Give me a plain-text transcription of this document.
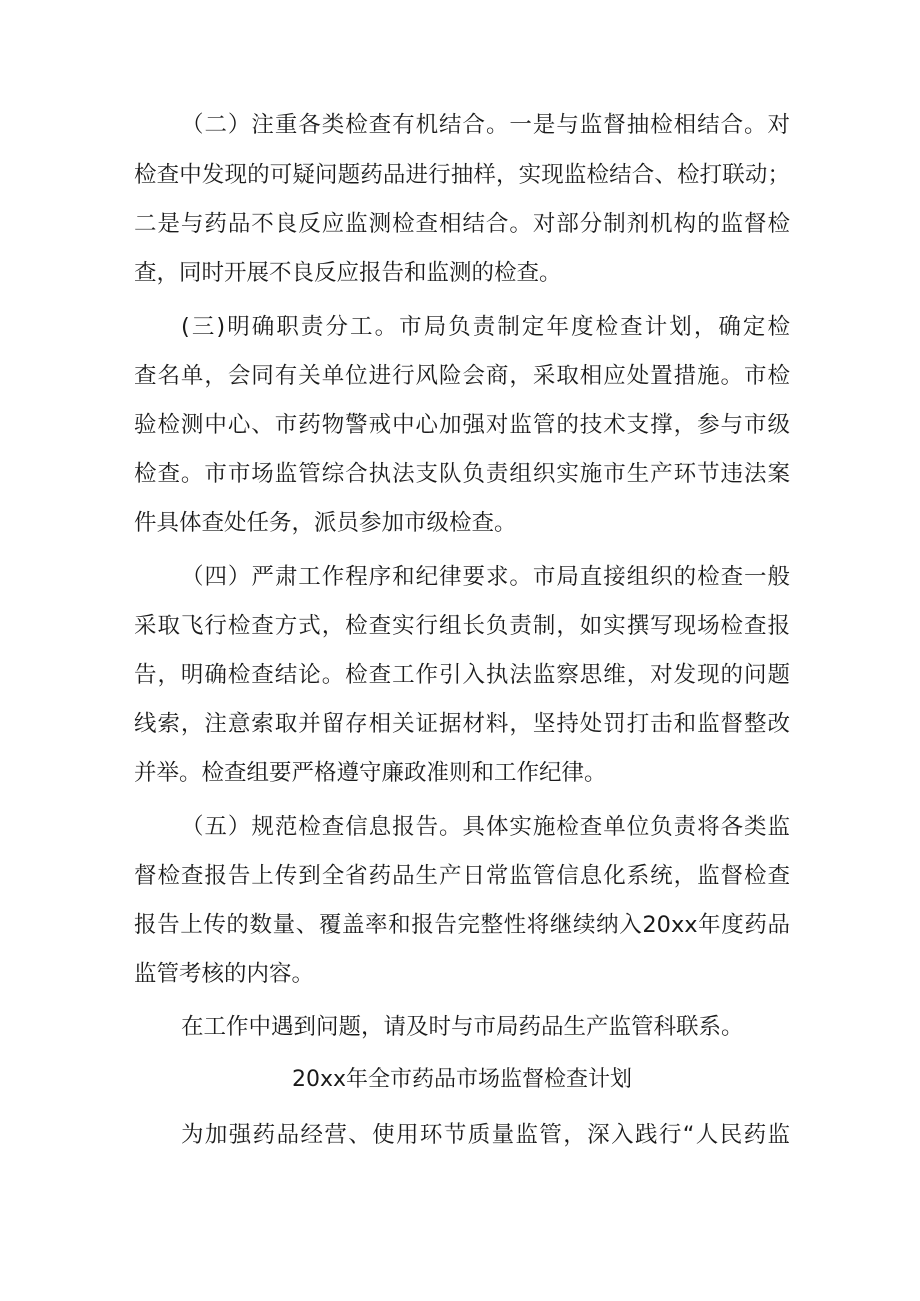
（二）注重各类检查有机结合。一是与监督抽检相结合。对
检查中发现的可疑问题药品进行抽样，实现监检结合、检打联动；
二是与药品不良反应监测检查相结合。对部分制剂机构的监督检
查，同时开展不良反应报告和监测的检查。
(三)明确职责分工。市局负责制定年度检查计划，确定检
查名单，会同有关单位进行风险会商，采取相应处置措施。市检
验检测中心、市药物警戒中心加强对监管的技术支撑，参与市级
检查。市市场监管综合执法支队负责组织实施市生产环节违法案
件具体查处任务，派员参加市级检查。
（四）严肃工作程序和纪律要求。市局直接组织的检查一般
采取飞行检查方式，检查实行组长负责制，如实撰写现场检查报
告，明确检查结论。检查工作引入执法监察思维，对发现的问题
线索，注意索取并留存相关证据材料，坚持处罚打击和监督整改
并举。检查组要严格遵守廉政准则和工作纪律。
（五）规范检查信息报告。具体实施检查单位负责将各类监
督检查报告上传到全省药品生产日常监管信息化系统，监督检查
报告上传的数量、覆盖率和报告完整性将继续纳入20xx年度药品
监管考核的内容。
在工作中遇到问题，请及时与市局药品生产监管科联系。
20xx年全市药品市场监督检查计划
为加强药品经营、使用环节质量监管，深入践行“人民药监
